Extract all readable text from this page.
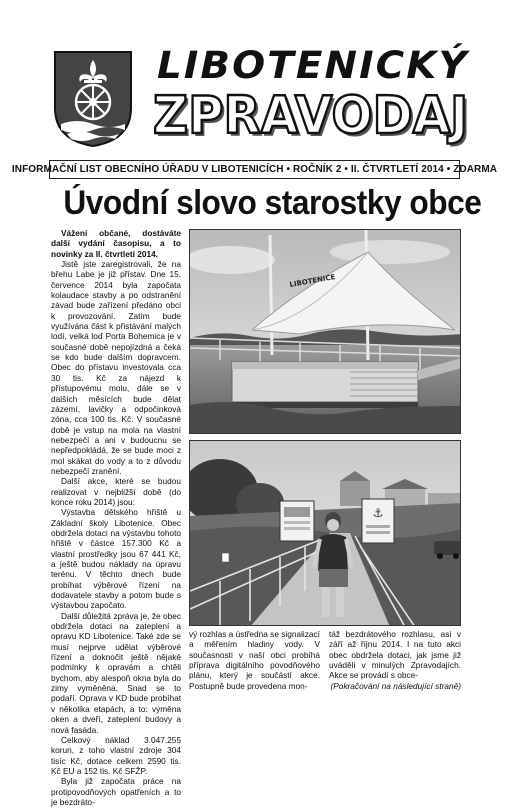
LIBOTENICKÝ
ZPRAVODAJ
INFORMAČNÍ LIST OBECNÍHO ÚŘADU V LIBOTENICÍCH • ROČNÍK 2 • II. ČTVRTLETÍ 2014 • ZDARMA
Úvodní slovo starostky obce

Vážení občané, dostáváte další vydání časopisu, a to novinky za II. čtvrtletí 2014.

Jistě jste zaregistrovali, že na břehu Labe je již přístav. Dne 15. července 2014 byla započata kolaudace stavby a po odstranění závad bude zařízení předáno obci k provozování. Zatím bude využívána část k přistávání malých lodí, velká loď Porta Bohemica je v současné době nepojízdná a čeká se kdo bude dalším dopravcem. Obec do přístavu investovala cca 30 tis. Kč za nájezd k přístupovému molu, dále se v dalších měsících bude dělat zázemí, lavičky a odpočinková zóna, cca 100 tis. Kč. V současné době je vstup na mola na vlastní nebezpečí a ani v budoucnu se nepředpokládá, že se bude moci z mol skákat do vody a to z důvodu nebezpečí zranění.

Další akce, které se budou realizovat v nejbližší době (do konce roku 2014) jsou:

Výstavba dětského hřiště u Základní školy Libotenice. Obec obdržela dotaci na výstavbu tohoto hřiště v částce 157.300 Kč a vlastní prostředky jsou 67 441 Kč, a ještě budou náklady na úpravu terénu. V těchto dnech bude probíhat výběrové řízení na dodavatele stavby a potom bude s výstavbou započato.

Další důležitá zpráva je, že obec obdržela dotaci na zateplení a opravu KD Libotenice. Také zde se musí nejprve udělat výběrové řízení a doknočit ještě nějaké podmínky k opravám a chtěli bychom, aby alespoň okna byla do zimy vyměněna. Snad se to podaří. Oprava v KD bude probíhat v několika etapách, a to: výměna oken a dveří, zateplení budovy a nová fasáda.

Celkový náklad 3.047.255 korun, z toho vlastní zdroje 304 tisíc Kč, dotace celkem 2590 tis. Kč EU a 152 tis. Kč SFŽP.

Byla již započata práce na protipovodňových opatřeních a to je bezdráto-

LIBOTENICE
⚓

vý rozhlas a ústředna se signalizací a měřením hladiny vody. V současnosti v naší obci probíhá příprava digitálního povodňového plánu, který je součástí akce. Postupně bude provedena mon-

táž bezdrátového rozhlasu, asi v září až říjnu 2014. I na tuto akci obec obdržela dotaci, jak jsme již uváděli v minulých Zpravodajích. Akce se provádí s obce-

(Pokračování na následující straně)
